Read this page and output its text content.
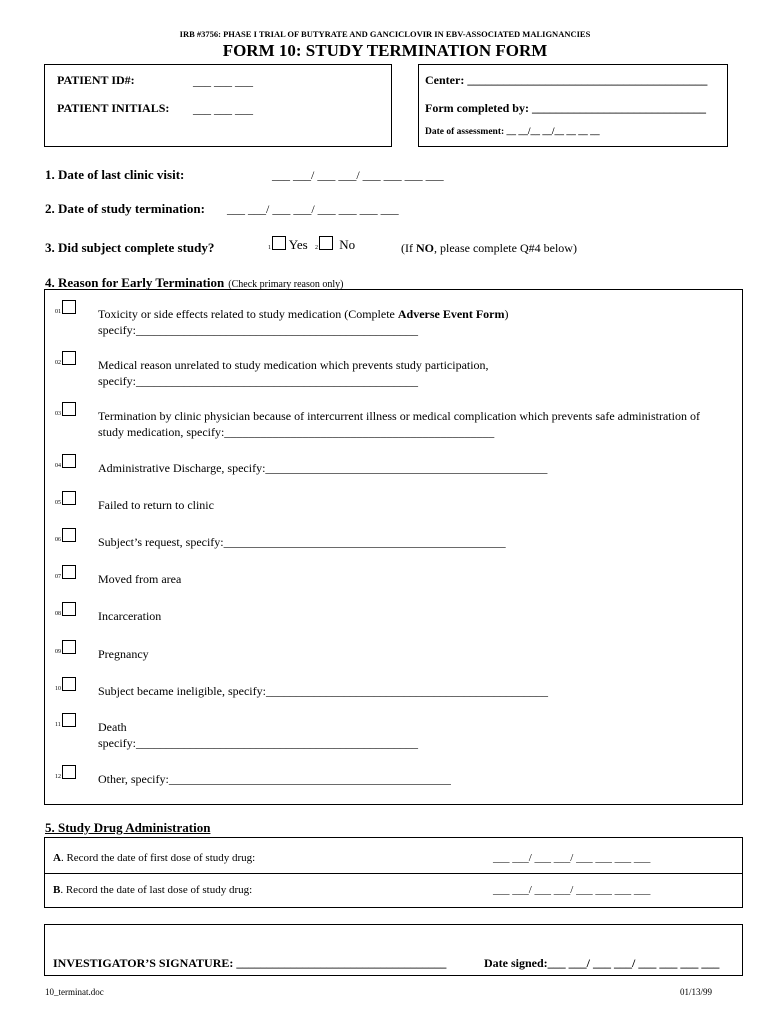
IRB #3756: PHASE I TRIAL OF BUTYRATE AND GANCICLOVIR IN EBV-ASSOCIATED MALIGNANCIES
FORM 10: STUDY TERMINATION FORM
PATIENT ID#:	___ ___ ___
PATIENT INITIALS: ___ ___ ___
Center: ________________________________________
Form completed by: _____________________________
Date of assessment: __ __/__ __/__ __ __ __
1. Date of last clinic visit:	___ ___/ ___ ___/ ___ ___ ___ ___
2. Date of study termination: ___ ___/ ___ ___/ ___ ___ ___ ___
3. Did subject complete study?	1 Yes 2 No	(If NO, please complete Q#4 below)
4. Reason for Early Termination (Check primary reason only)
01	Toxicity or side effects related to study medication (Complete Adverse Event Form)
specify:_______________________________________________
02	Medical reason unrelated to study medication which prevents study participation,
specify:_______________________________________________
03	Termination by clinic physician because of intercurrent illness or medical complication which prevents safe administration of
study medication, specify:_____________________________________________
04	Administrative Discharge, specify:_______________________________________________
05	Failed to return to clinic
06	Subject’s request, specify:_______________________________________________
07	Moved from area
08	Incarceration
09	Pregnancy
10	Subject became ineligible, specify:_______________________________________________
11	Death
specify:_______________________________________________
12	Other, specify:_______________________________________________
5. Study Drug Administration
A. Record the date of first dose of study drug:	___ ___/ ___ ___/ ___ ___ ___ ___
B. Record the date of last dose of study drug:	___ ___/ ___ ___/ ___ ___ ___ ___
INVESTIGATOR’S SIGNATURE: ___________________________________	Date signed:___ ___/ ___ ___/ ___ ___ ___ ___
10_terminat.doc	01/13/99
